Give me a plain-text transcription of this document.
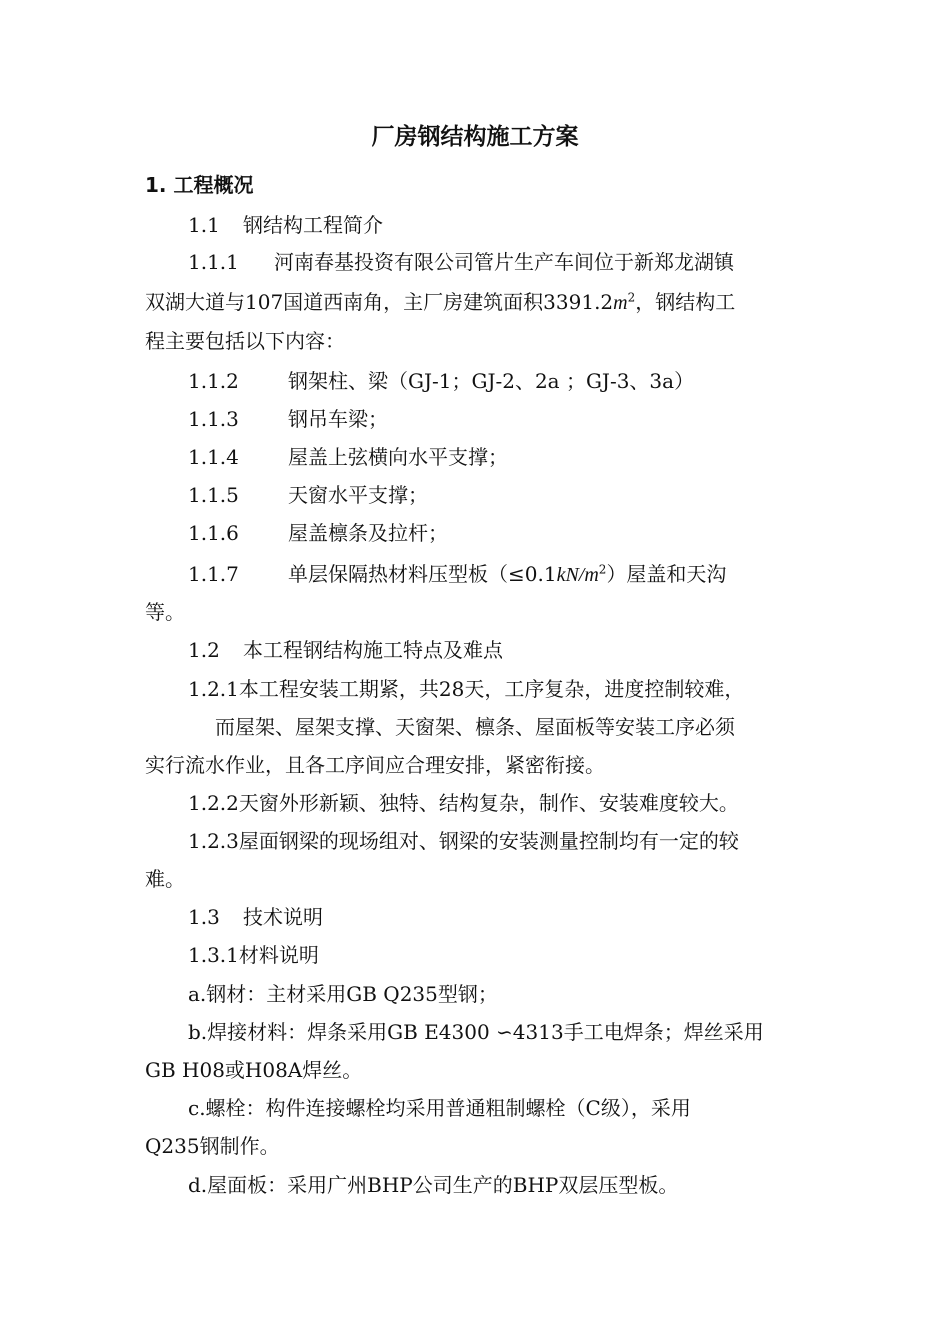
厂房钢结构施工方案
1. 工程概况
1.1 钢结构工程简介
1.1.1 河南春基投资有限公司管片生产车间位于新郑龙湖镇
双湖大道与107国道西南角，主厂房建筑面积$3391.2m^2$，钢结构工
程主要包括以下内容：
1.1.2 钢架柱、梁（GJ-1；GJ-2、2a ；GJ-3、3a）
1.1.3 钢吊车梁；
1.1.4 屋盖上弦横向水平支撑；
1.1.5 天窗水平支撑；
1.1.6 屋盖檩条及拉杆；
1.1.7 单层保隔热材料压型板$(\le 0.1kN/m^2)$屋盖和天沟
等。
1.2 本工程钢结构施工特点及难点
1.2.1本工程安装工期紧，共28天，工序复杂，进度控制较难，
而屋架、屋架支撑、天窗架、檩条、屋面板等安装工序必须
实行流水作业，且各工序间应合理安排，紧密衔接。
1.2.2天窗外形新颖、独特、结构复杂，制作、安装难度较大。
1.2.3屋面钢梁的现场组对、钢梁的安装测量控制均有一定的较
难。
1.3 技术说明
1.3.1材料说明
a.钢材：主材采用GB Q235型钢；
b.焊接材料：焊条采用GB E4300 ∽4313手工电焊条；焊丝采用
GB H08或H08A焊丝。
c.螺栓：构件连接螺栓均采用普通粗制螺栓（C级），采用
Q235钢制作。
d.屋面板：采用广州BHP公司生产的BHP双层压型板。
